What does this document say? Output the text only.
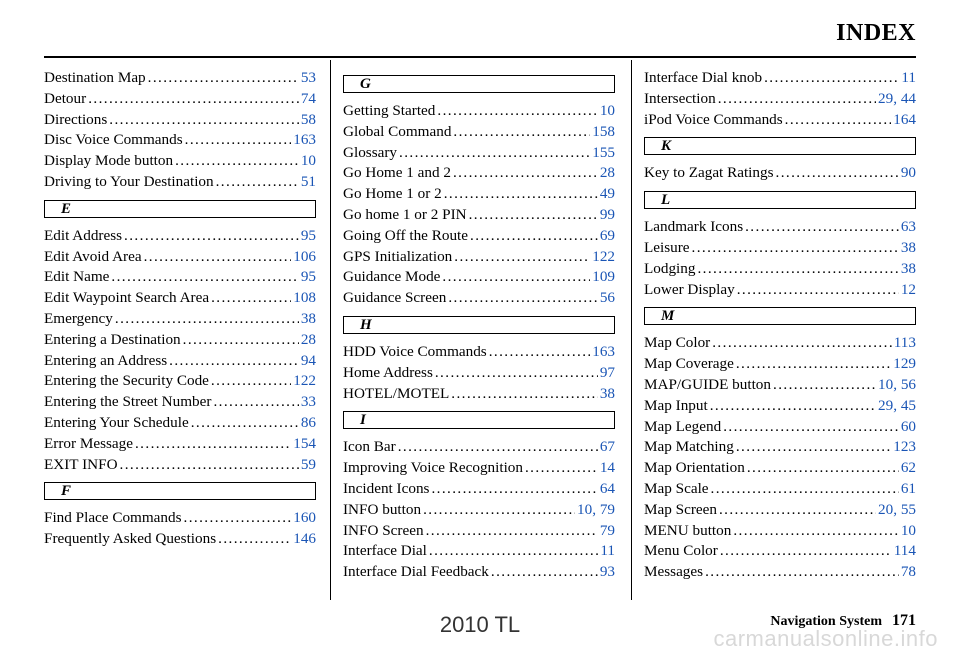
INDEX
Destination Map . . .	53
Detour . . .	74
Directions . . .	58
Disc Voice Commands . . .	163
Display Mode button . . .	10
Driving to Your Destination . . .	51
E
Edit Address . . .	95
Edit Avoid Area . . .	106
Edit Name . . .	95
Edit Waypoint Search Area . . .	108
Emergency . . .	38
Entering a Destination . . .	28
Entering an Address . . .	94
Entering the Security Code . . .	122
Entering the Street Number . . .	33
Entering Your Schedule . . .	86
Error Message . . .	154
EXIT INFO . . .	59
F
Find Place Commands . . .	160
Frequently Asked Questions . . .	146
G
Getting Started . . .	10
Global Command . . .	158
Glossary . . .	155
Go Home 1 and 2 . . .	28
Go Home 1 or 2 . . .	49
Go home 1 or 2 PIN . . .	99
Going Off the Route . . .	69
GPS Initialization . . .	122
Guidance Mode . . .	109
Guidance Screen . . .	56
H
HDD Voice Commands . . .	163
Home Address . . .	97
HOTEL/MOTEL . . .	38
I
Icon Bar . . .	67
Improving Voice Recognition . . .	14
Incident Icons . . .	64
INFO button . . .	10, 79
INFO Screen . . .	79
Interface Dial . . .	11
Interface Dial Feedback . . .	93
Interface Dial knob . . .	11
Intersection . . .	29, 44
iPod Voice Commands . . .	164
K
Key to Zagat Ratings . . .	90
L
Landmark Icons . . .	63
Leisure . . .	38
Lodging . . .	38
Lower Display . . .	12
M
Map Color . . .	113
Map Coverage . . .	129
MAP/GUIDE button . . .	10, 56
Map Input . . .	29, 45
Map Legend . . .	60
Map Matching . . .	123
Map Orientation . . .	62
Map Scale . . .	61
Map Screen . . .	20, 55
MENU button . . .	10
Menu Color . . .	114
Messages . . .	78
2010 TL	Navigation System 171
carmanualsonline.info
